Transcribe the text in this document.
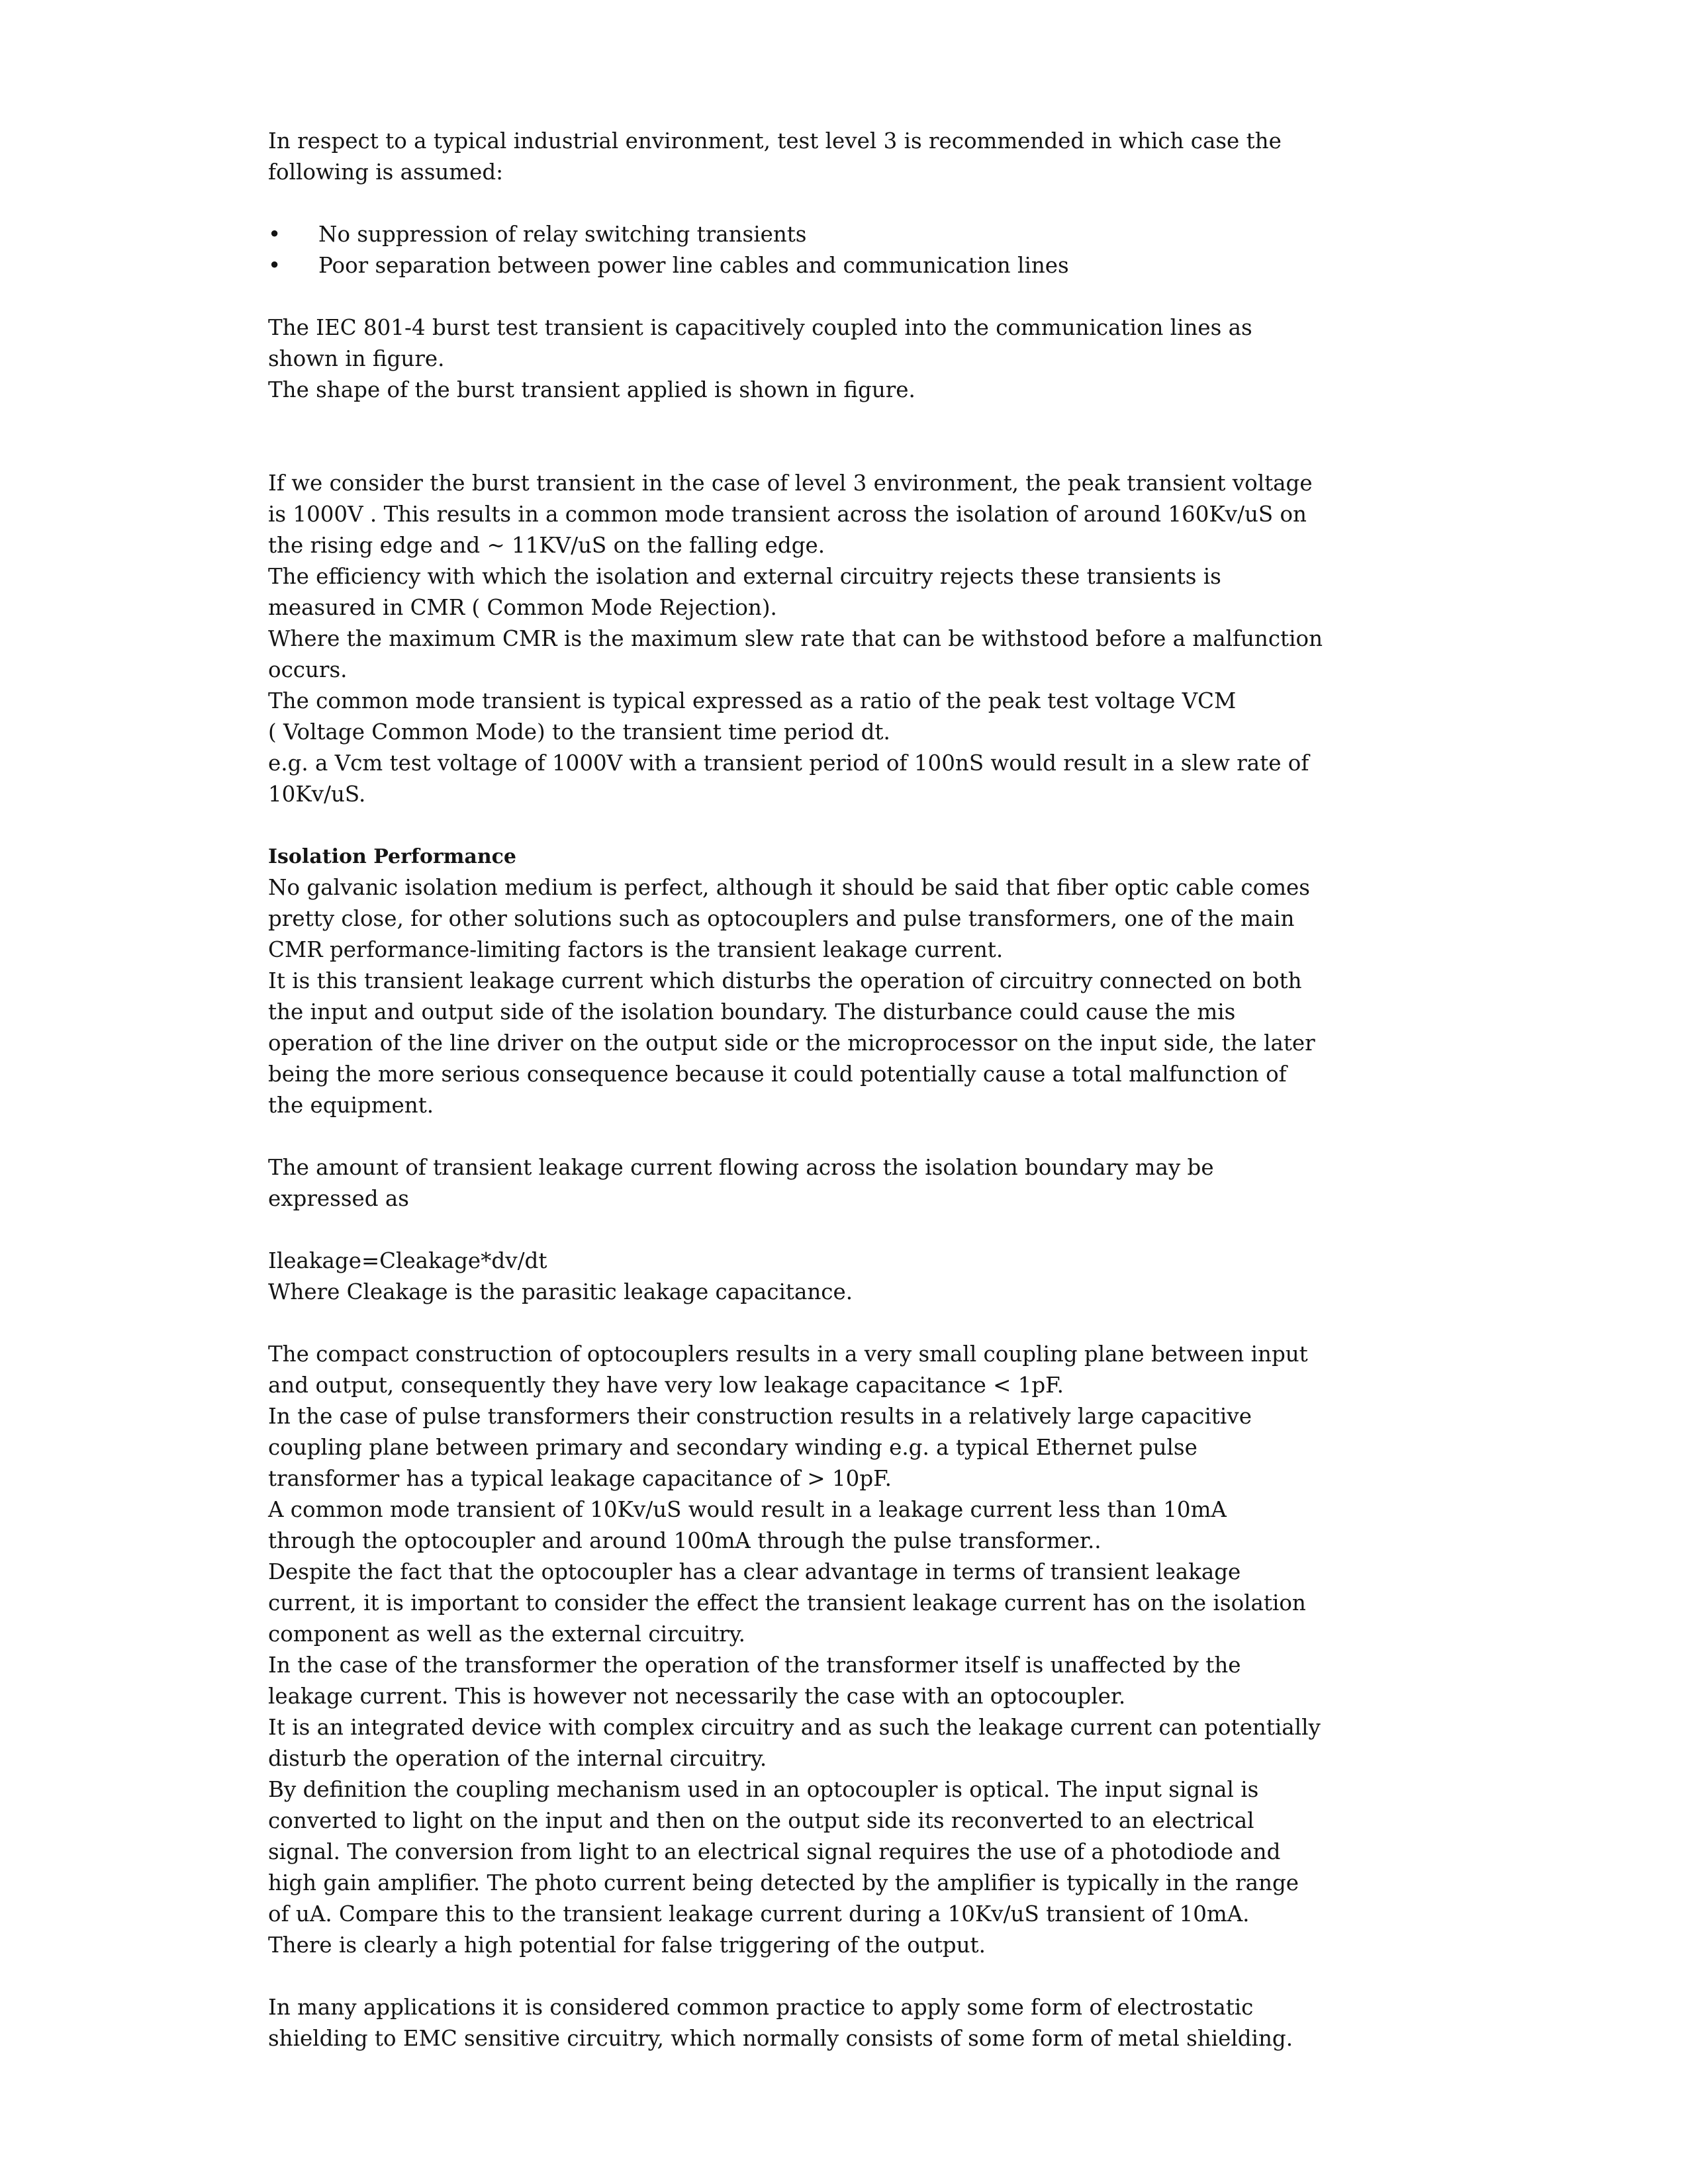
In respect to a typical industrial environment, test level 3 is recommended in which case the
following is assumed:

•	No suppression of relay switching transients
•	Poor separation between power line cables and communication lines

The IEC 801-4 burst test transient is capacitively coupled into the communication lines as
shown in figure.
The shape of the burst transient applied is shown in figure.

If we consider the burst transient in the case of level 3 environment, the peak transient voltage
is 1000V . This results in a common mode transient across the isolation of around 160Kv/uS on
the rising edge and ~ 11KV/uS on the falling edge.
The efficiency with which the isolation and external circuitry rejects these transients is
measured in CMR ( Common Mode Rejection).
Where the maximum CMR is the maximum slew rate that can be withstood before a malfunction
occurs.
The common mode transient is typical expressed as a ratio of the peak test voltage VCM
( Voltage Common Mode) to the transient time period dt.
e.g. a Vcm test voltage of 1000V with a transient period of 100nS would result in a slew rate of
10Kv/uS.

Isolation Performance

No galvanic isolation medium is perfect, although it should be said that fiber optic cable comes
pretty close, for other solutions such as optocouplers and pulse transformers, one of the main
CMR performance-limiting factors is the transient leakage current.
It is this transient leakage current which disturbs the operation of circuitry connected on both
the input and output side of the isolation boundary. The disturbance could cause the mis
operation of the line driver on the output side or the microprocessor on the input side, the later
being the more serious consequence because it could potentially cause a total malfunction of
the equipment.

The amount of transient leakage current flowing across the isolation boundary may be
expressed as

Ileakage=Cleakage*dv/dt

Where Cleakage is the parasitic leakage capacitance.

The compact construction of optocouplers results in a very small coupling plane between input
and output, consequently they have very low leakage capacitance < 1pF.
In the case of pulse transformers their construction results in a relatively large capacitive
coupling plane between primary and secondary winding e.g. a typical Ethernet pulse
transformer has a typical leakage capacitance of > 10pF.
A common mode transient of 10Kv/uS would result in a leakage current less than 10mA
through the optocoupler and around 100mA through the pulse transformer..
Despite the fact that the optocoupler has a clear advantage in terms of transient leakage
current, it is important to consider the effect the transient leakage current has on the isolation
component as well as the external circuitry.
In the case of the transformer the operation of the transformer itself is unaffected by the
leakage current. This is however not necessarily the case with an optocoupler.
It is an integrated device with complex circuitry and as such the leakage current can potentially
disturb the operation of the internal circuitry.
By definition the coupling mechanism used in an optocoupler is optical. The input signal is
converted to light on the input and then on the output side its reconverted to an electrical
signal. The conversion from light to an electrical signal requires the use of a photodiode and
high gain amplifier. The photo current being detected by the amplifier is typically in the range
of uA. Compare this to the transient leakage current during a 10Kv/uS transient of 10mA.
There is clearly a high potential for false triggering of the output.

In many applications it is considered common practice to apply some form of electrostatic
shielding to EMC sensitive circuitry, which normally consists of some form of metal shielding.
